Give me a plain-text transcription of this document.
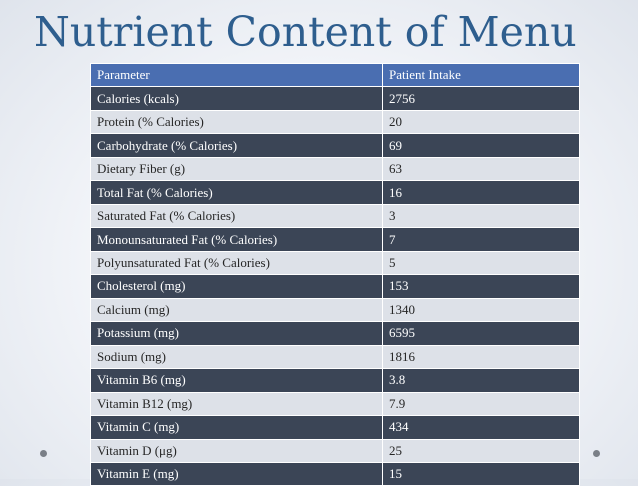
Nutrient Content of Menu
Parameter	Patient Intake
Calories (kcals)	2756
Protein (% Calories)	20
Carbohydrate (% Calories)	69
Dietary Fiber (g)	63
Total Fat (% Calories)	16
Saturated Fat (% Calories)	3
Monounsaturated Fat (% Calories)	7
Polyunsaturated Fat (% Calories)	5
Cholesterol (mg)	153
Calcium (mg)	1340
Potassium (mg)	6595
Sodium (mg)	1816
Vitamin B6 (mg)	3.8
Vitamin B12 (mg)	7.9
Vitamin C (mg)	434
Vitamin D (μg)	25
Vitamin E (mg)	15
